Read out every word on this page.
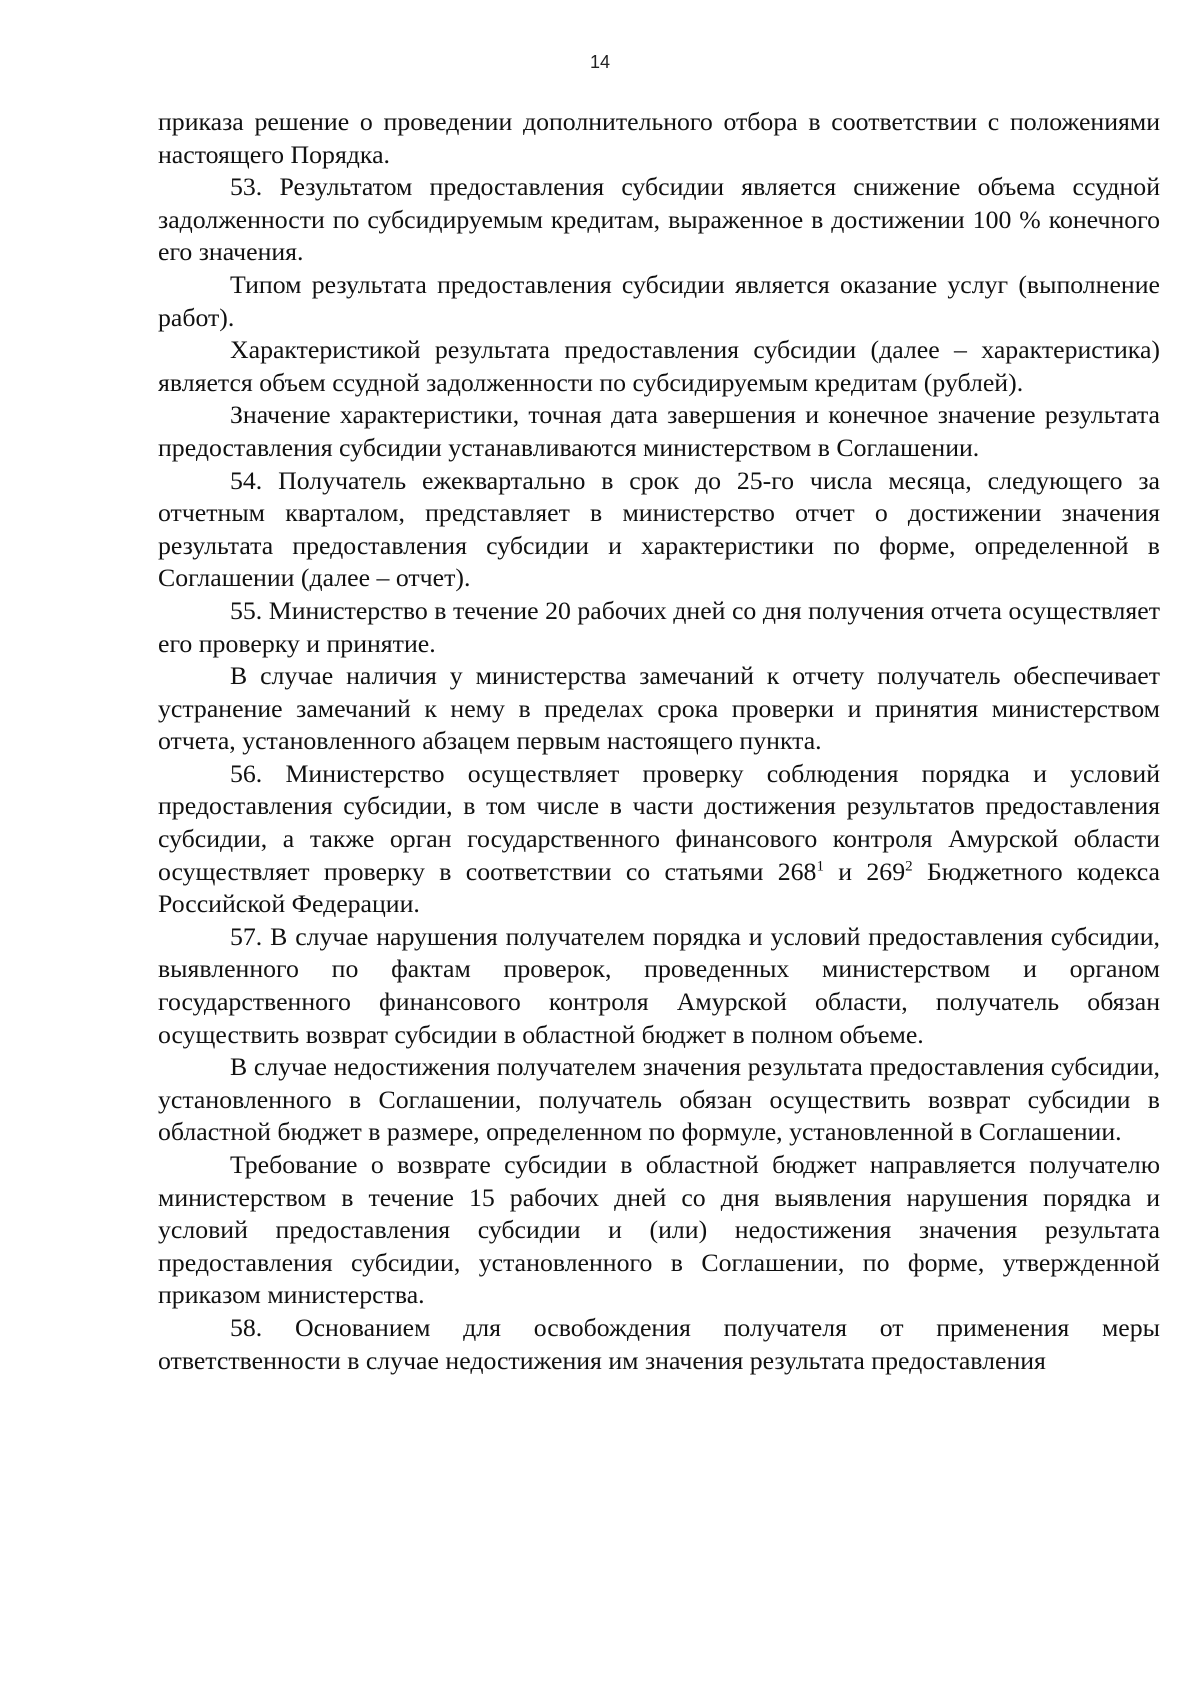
14

приказа решение о проведении дополнительного отбора в соответствии с положениями настоящего Порядка.

53. Результатом предоставления субсидии является снижение объема ссудной задолженности по субсидируемым кредитам, выраженное в достижении 100 % конечного его значения.

Типом результата предоставления субсидии является оказание услуг (выполнение работ).

Характеристикой результата предоставления субсидии (далее – характеристика) является объем ссудной задолженности по субсидируемым кредитам (рублей).

Значение характеристики, точная дата завершения и конечное значение результата предоставления субсидии устанавливаются министерством в Соглашении.

54. Получатель ежеквартально в срок до 25-го числа месяца, следующего за отчетным кварталом, представляет в министерство отчет о достижении значения результата предоставления субсидии и характеристики по форме, определенной в Соглашении (далее – отчет).

55. Министерство в течение 20 рабочих дней со дня получения отчета осуществляет его проверку и принятие.

В случае наличия у министерства замечаний к отчету получатель обеспечивает устранение замечаний к нему в пределах срока проверки и принятия министерством отчета, установленного абзацем первым настоящего пункта.

56. Министерство осуществляет проверку соблюдения порядка и условий предоставления субсидии, в том числе в части достижения результатов предоставления субсидии, а также орган государственного финансового контроля Амурской области осуществляет проверку в соответствии со статьями $268^1$ и $269^2$ Бюджетного кодекса Российской Федерации.

57. В случае нарушения получателем порядка и условий предоставления субсидии, выявленного по фактам проверок, проведенных министерством и органом государственного финансового контроля Амурской области, получатель обязан осуществить возврат субсидии в областной бюджет в полном объеме.

В случае недостижения получателем значения результата предоставления субсидии, установленного в Соглашении, получатель обязан осуществить возврат субсидии в областной бюджет в размере, определенном по формуле, установленной в Соглашении.

Требование о возврате субсидии в областной бюджет направляется получателю министерством в течение 15 рабочих дней со дня выявления нарушения порядка и условий предоставления субсидии и (или) недостижения значения результата предоставления субсидии, установленного в Соглашении, по форме, утвержденной приказом министерства.

58. Основанием для освобождения получателя от применения меры ответственности в случае недостижения им значения результата предоставления
